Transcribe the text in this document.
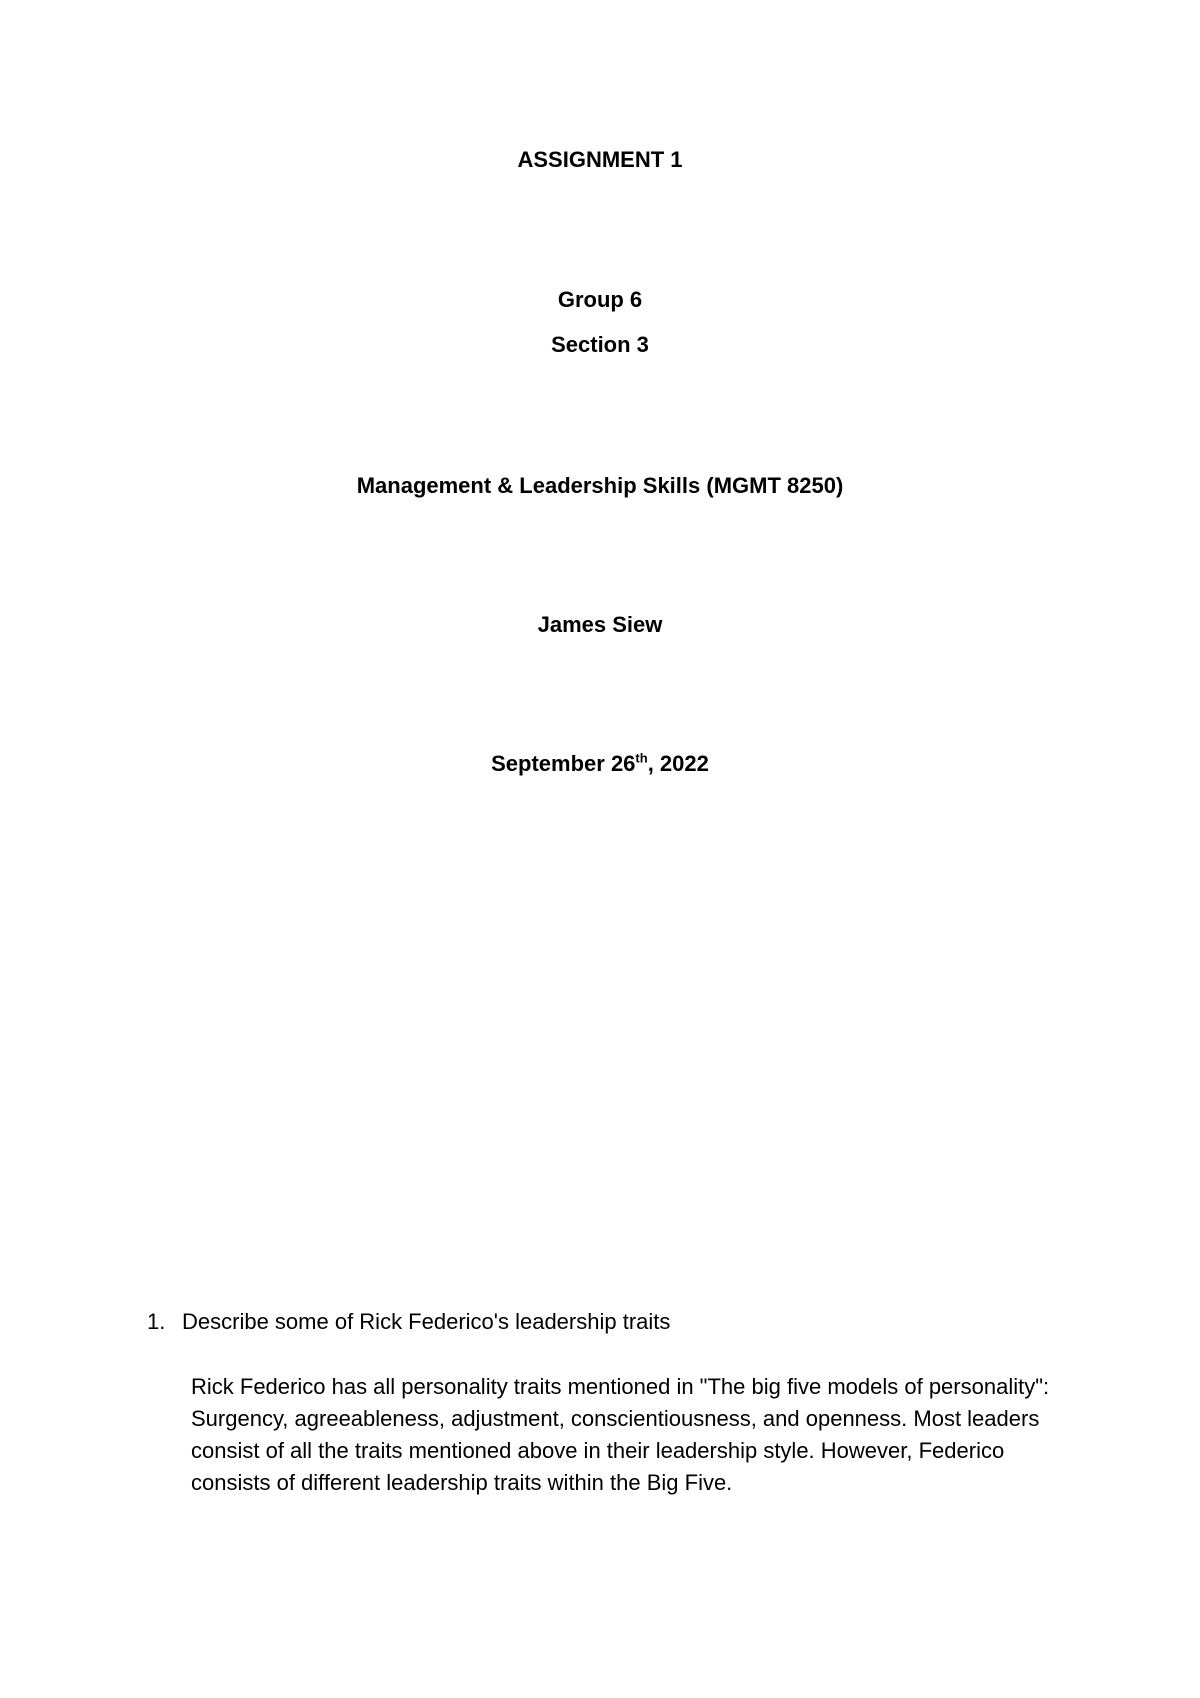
ASSIGNMENT 1
Group 6
Section 3
Management & Leadership Skills (MGMT 8250)
James Siew
September 26th, 2022
1. Describe some of Rick Federico's leadership traits

Rick Federico has all personality traits mentioned in "The big five models of personality": Surgency, agreeableness, adjustment, conscientiousness, and openness. Most leaders consist of all the traits mentioned above in their leadership style. However, Federico consists of different leadership traits within the Big Five.
